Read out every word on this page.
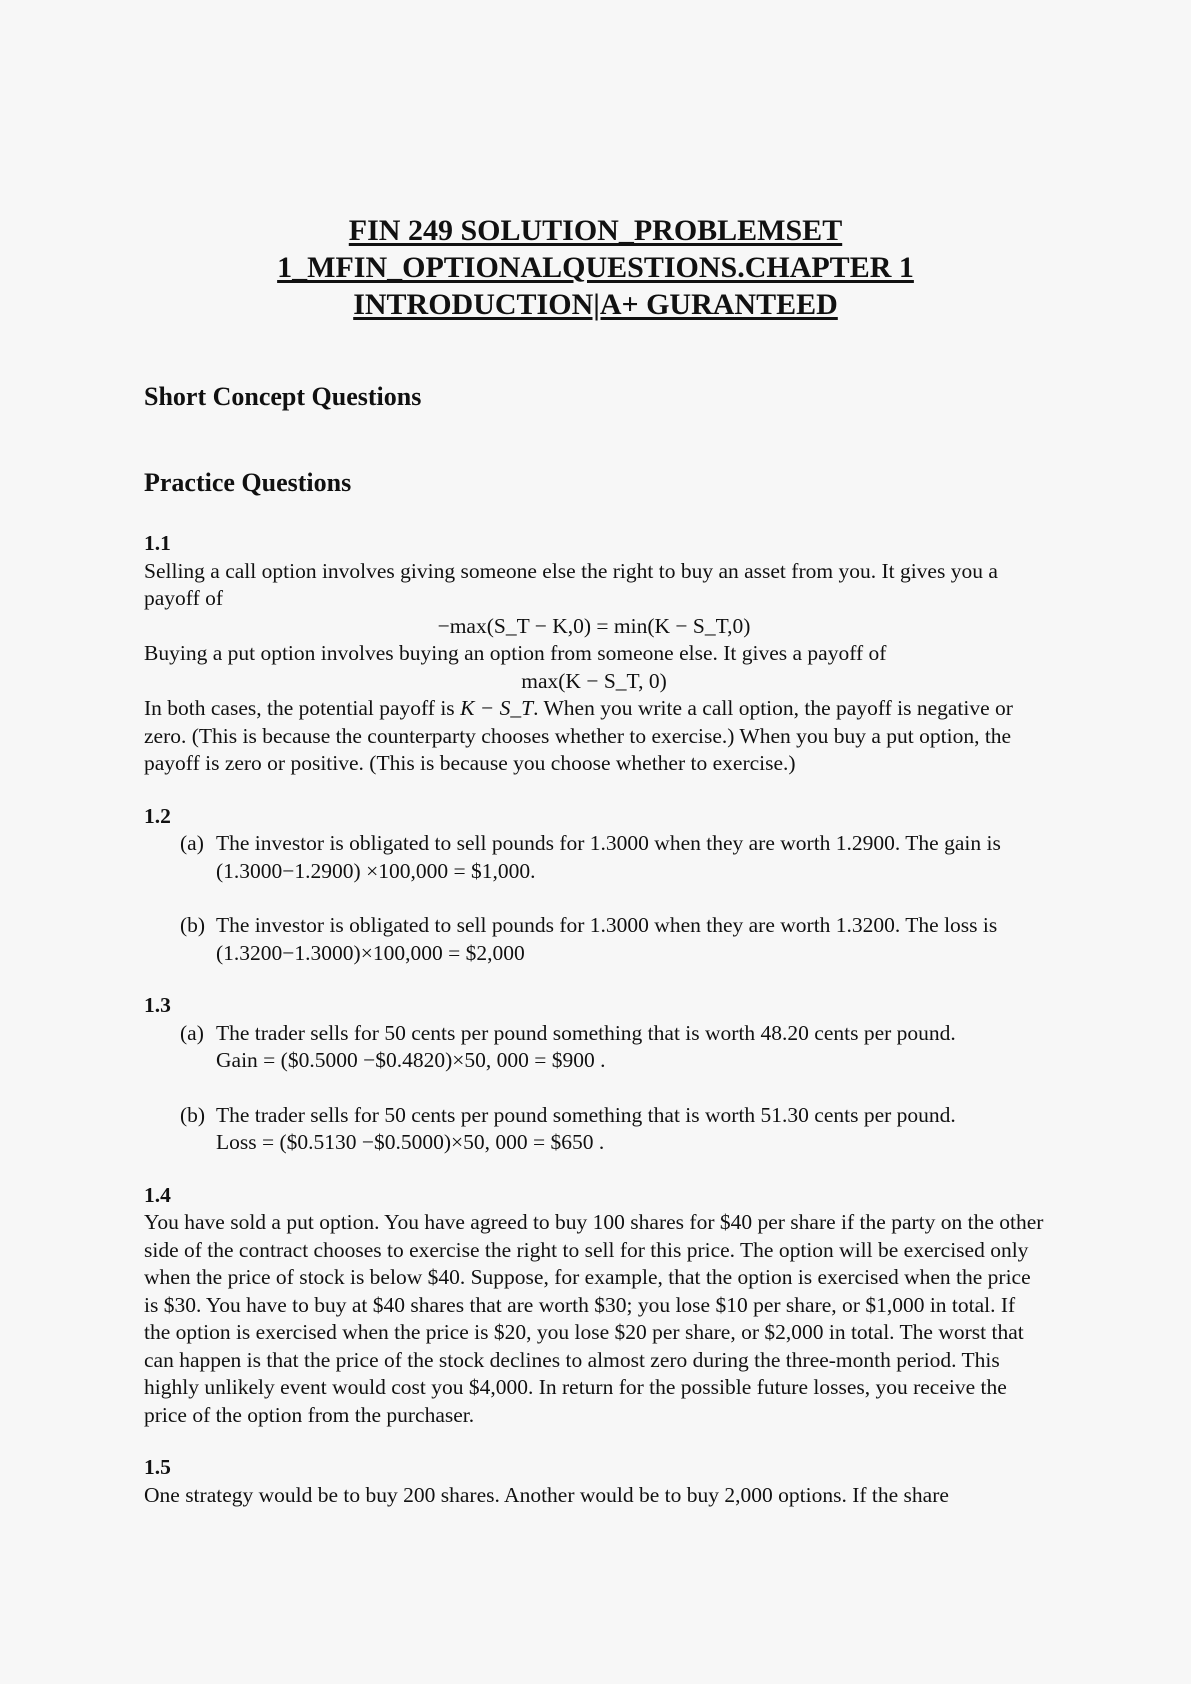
FIN 249 SOLUTION_PROBLEMSET
1_MFIN_OPTIONALQUESTIONS.CHAPTER 1
INTRODUCTION|A+ GURANTEED
Short Concept Questions
Practice Questions
1.1

Selling a call option involves giving someone else the right to buy an asset from you. It gives you a payoff of

−max(S_T − K,0) = min(K − S_T,0)

Buying a put option involves buying an option from someone else. It gives a payoff of

max(K − S_T, 0)

In both cases, the potential payoff is K − S_T. When you write a call option, the payoff is negative or zero. (This is because the counterparty chooses whether to exercise.) When you buy a put option, the payoff is zero or positive. (This is because you choose whether to exercise.)

1.2
(a) The investor is obligated to sell pounds for 1.3000 when they are worth 1.2900. The gain is (1.3000−1.2900) ×100,000 = $1,000.
(b) The investor is obligated to sell pounds for 1.3000 when they are worth 1.3200. The loss is (1.3200−1.3000)×100,000 = $2,000
1.3
(a) The trader sells for 50 cents per pound something that is worth 48.20 cents per pound.
Gain = ($0.5000 −$0.4820)×50, 000 = $900 .
(b) The trader sells for 50 cents per pound something that is worth 51.30 cents per pound.
Loss = ($0.5130 −$0.5000)×50, 000 = $650 .
1.4

You have sold a put option. You have agreed to buy 100 shares for $40 per share if the party on the other side of the contract chooses to exercise the right to sell for this price. The option will be exercised only when the price of stock is below $40. Suppose, for example, that the option is exercised when the price is $30. You have to buy at $40 shares that are worth $30; you lose $10 per share, or $1,000 in total. If the option is exercised when the price is $20, you lose $20 per share, or $2,000 in total. The worst that can happen is that the price of the stock declines to almost zero during the three-month period. This highly unlikely event would cost you $4,000. In return for the possible future losses, you receive the price of the option from the purchaser.

1.5

One strategy would be to buy 200 shares. Another would be to buy 2,000 options. If the share
